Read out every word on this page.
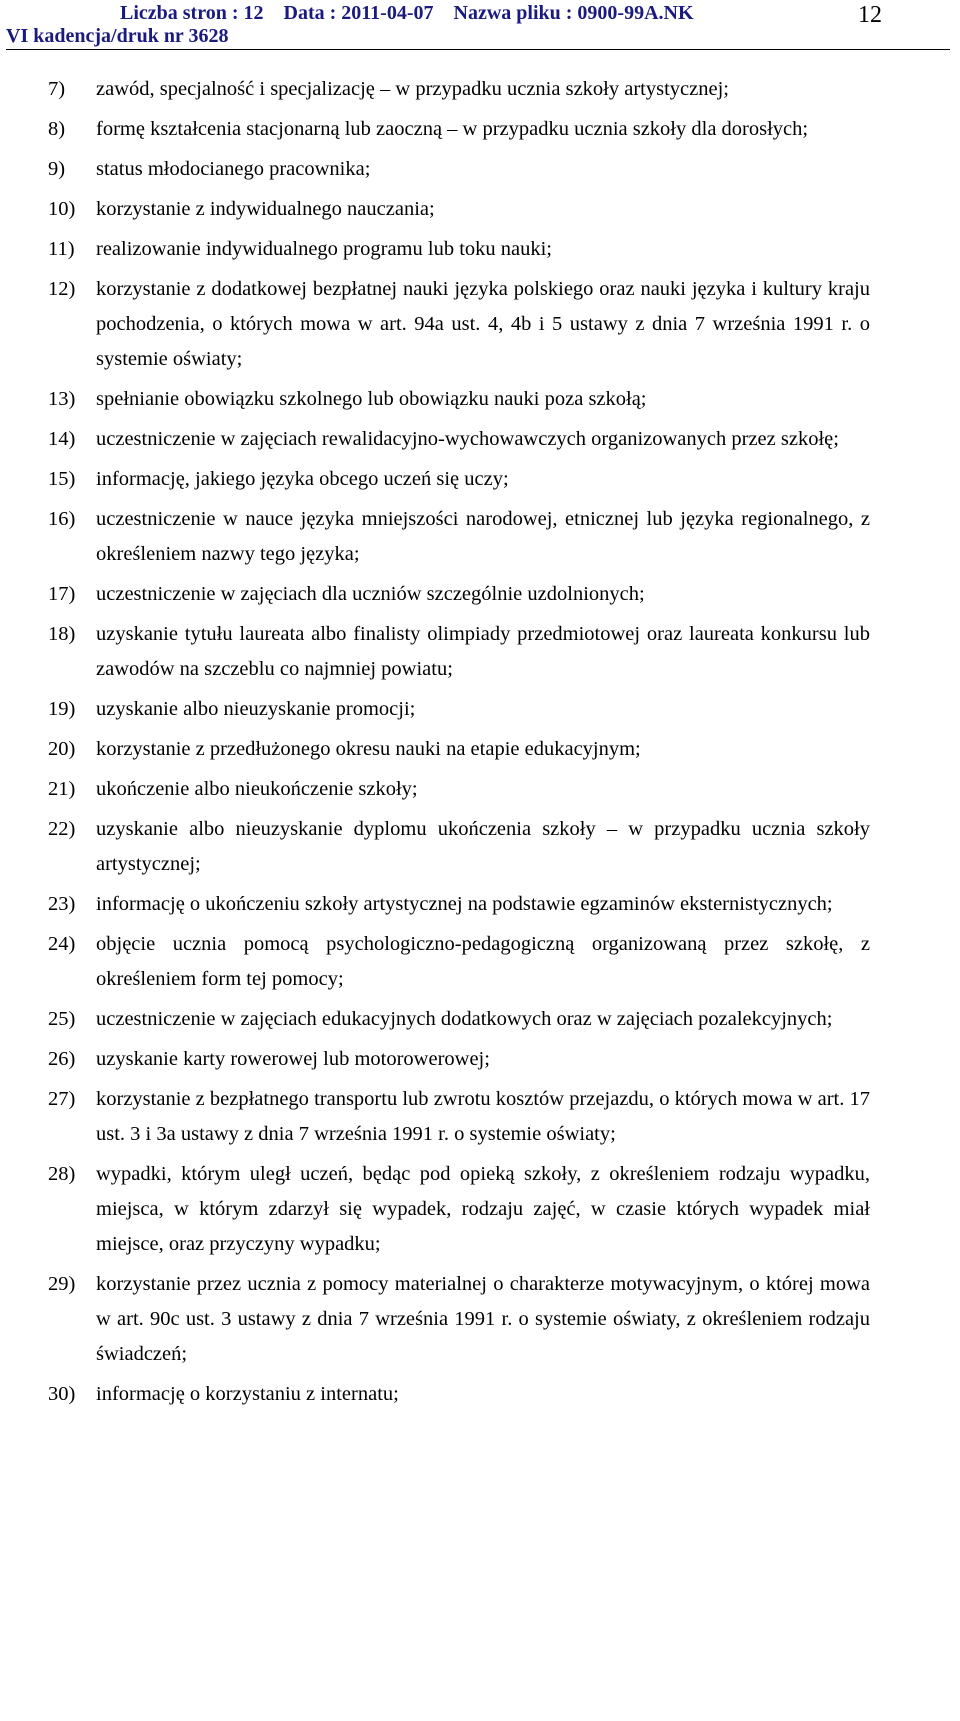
Liczba stron : 12 Data : 2011-04-07 Nazwa pliku : 0900-99A.NK
VI kadencja/druk nr 3628
12
7) zawód, specjalność i specjalizację – w przypadku ucznia szkoły artystycznej;
8) formę kształcenia stacjonarną lub zaoczną – w przypadku ucznia szkoły dla dorosłych;
9) status młodocianego pracownika;
10) korzystanie z indywidualnego nauczania;
11) realizowanie indywidualnego programu lub toku nauki;
12) korzystanie z dodatkowej bezpłatnej nauki języka polskiego oraz nauki języka i kultury kraju pochodzenia, o których mowa w art. 94a ust. 4, 4b i 5 ustawy z dnia 7 września 1991 r. o systemie oświaty;
13) spełnianie obowiązku szkolnego lub obowiązku nauki poza szkołą;
14) uczestniczenie w zajęciach rewalidacyjno-wychowawczych organizowanych przez szkołę;
15) informację, jakiego języka obcego uczeń się uczy;
16) uczestniczenie w nauce języka mniejszości narodowej, etnicznej lub języka regionalnego, z określeniem nazwy tego języka;
17) uczestniczenie w zajęciach dla uczniów szczególnie uzdolnionych;
18) uzyskanie tytułu laureata albo finalisty olimpiady przedmiotowej oraz laureata konkursu lub zawodów na szczeblu co najmniej powiatu;
19) uzyskanie albo nieuzyskanie promocji;
20) korzystanie z przedłużonego okresu nauki na etapie edukacyjnym;
21) ukończenie albo nieukończenie szkoły;
22) uzyskanie albo nieuzyskanie dyplomu ukończenia szkoły – w przypadku ucznia szkoły artystycznej;
23) informację o ukończeniu szkoły artystycznej na podstawie egzaminów eksternistycznych;
24) objęcie ucznia pomocą psychologiczno-pedagogiczną organizowaną przez szkołę, z określeniem form tej pomocy;
25) uczestniczenie w zajęciach edukacyjnych dodatkowych oraz w zajęciach pozalekcyjnych;
26) uzyskanie karty rowerowej lub motorowerowej;
27) korzystanie z bezpłatnego transportu lub zwrotu kosztów przejazdu, o których mowa w art. 17 ust. 3 i 3a ustawy z dnia 7 września 1991 r. o systemie oświaty;
28) wypadki, którym uległ uczeń, będąc pod opieką szkoły, z określeniem rodzaju wypadku, miejsca, w którym zdarzył się wypadek, rodzaju zajęć, w czasie których wypadek miał miejsce, oraz przyczyny wypadku;
29) korzystanie przez ucznia z pomocy materialnej o charakterze motywacyjnym, o której mowa w art. 90c ust. 3 ustawy z dnia 7 września 1991 r. o systemie oświaty, z określeniem rodzaju świadczeń;
30) informację o korzystaniu z internatu;
